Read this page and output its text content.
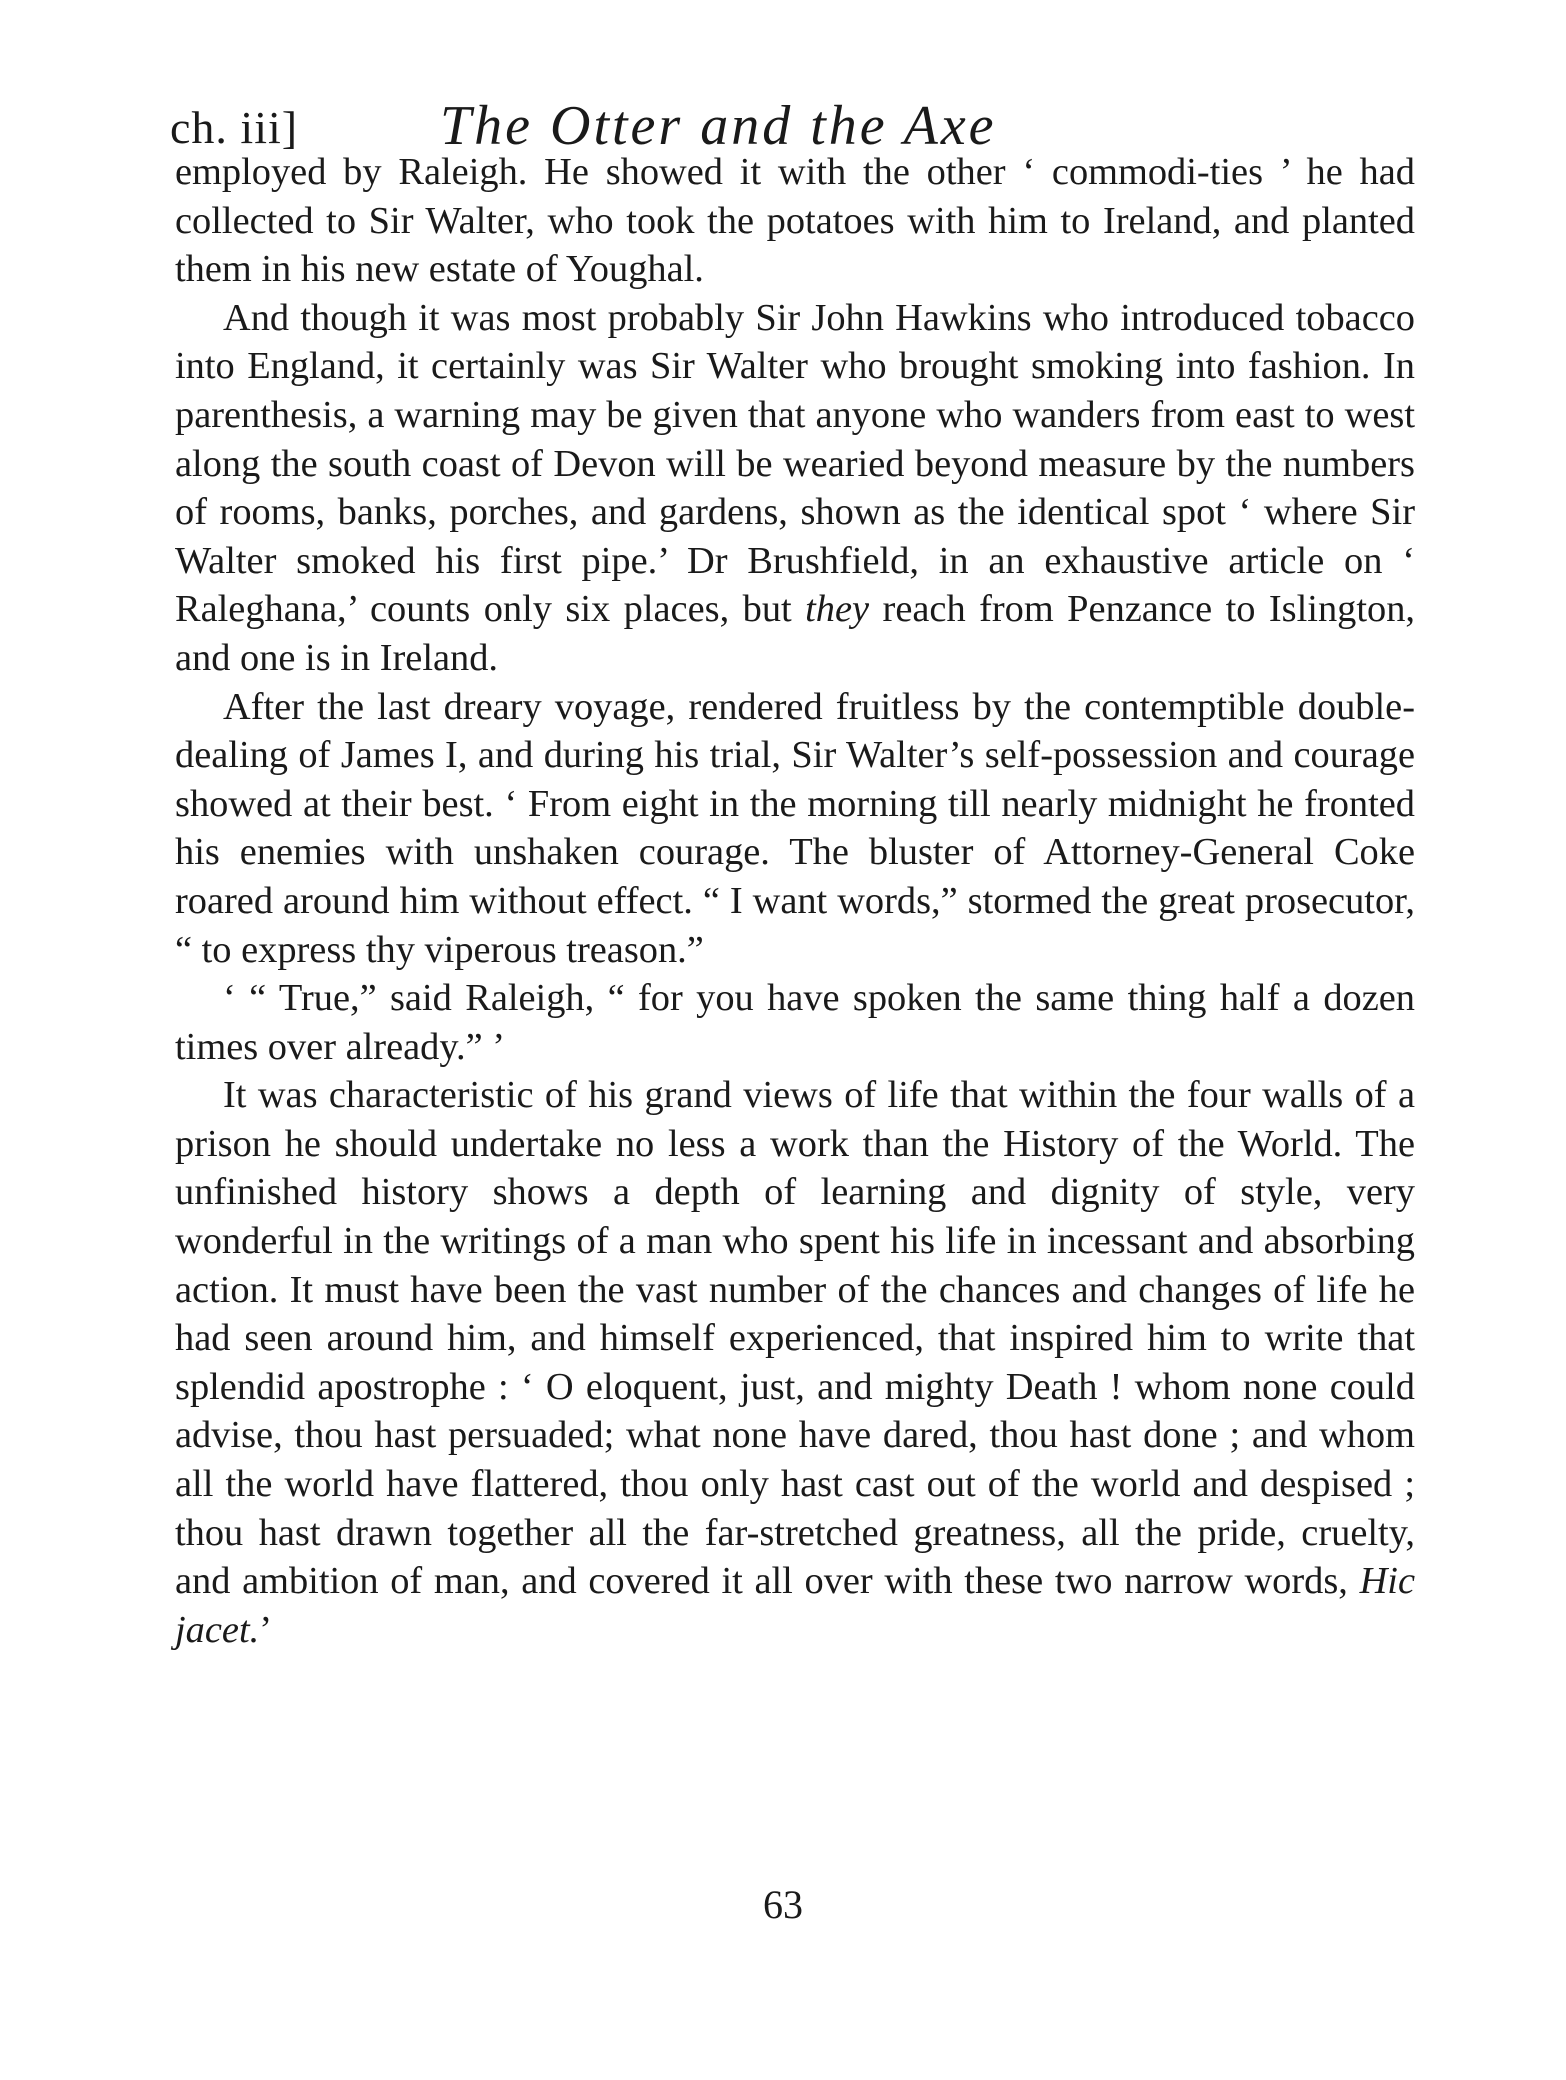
ch. iii]	The Otter and the Axe

employed by Raleigh. He showed it with the other ‘ commodi-ties ’ he had collected to Sir Walter, who took the potatoes with him to Ireland, and planted them in his new estate of Youghal.

And though it was most probably Sir John Hawkins who introduced tobacco into England, it certainly was Sir Walter who brought smoking into fashion. In parenthesis, a warning may be given that anyone who wanders from east to west along the south coast of Devon will be wearied beyond measure by the numbers of rooms, banks, porches, and gardens, shown as the identical spot ‘ where Sir Walter smoked his first pipe.’ Dr Brushfield, in an exhaustive article on ‘ Raleghana,’ counts only six places, but they reach from Penzance to Islington, and one is in Ireland.

After the last dreary voyage, rendered fruitless by the contemptible double-dealing of James I, and during his trial, Sir Walter’s self-possession and courage showed at their best. ‘ From eight in the morning till nearly midnight he fronted his enemies with unshaken courage. The bluster of Attorney-General Coke roared around him without effect. “ I want words,” stormed the great prosecutor, “ to express thy viperous treason.”

‘ “ True,” said Raleigh, “ for you have spoken the same thing half a dozen times over already.” ’

It was characteristic of his grand views of life that within the four walls of a prison he should undertake no less a work than the History of the World. The unfinished history shows a depth of learning and dignity of style, very wonderful in the writings of a man who spent his life in incessant and absorbing action. It must have been the vast number of the chances and changes of life he had seen around him, and himself experienced, that inspired him to write that splendid apostrophe : ‘ O eloquent, just, and mighty Death ! whom none could advise, thou hast persuaded; what none have dared, thou hast done ; and whom all the world have flattered, thou only hast cast out of the world and despised ; thou hast drawn together all the far-stretched greatness, all the pride, cruelty, and ambition of man, and covered it all over with these two narrow words, Hic jacet.’

63
